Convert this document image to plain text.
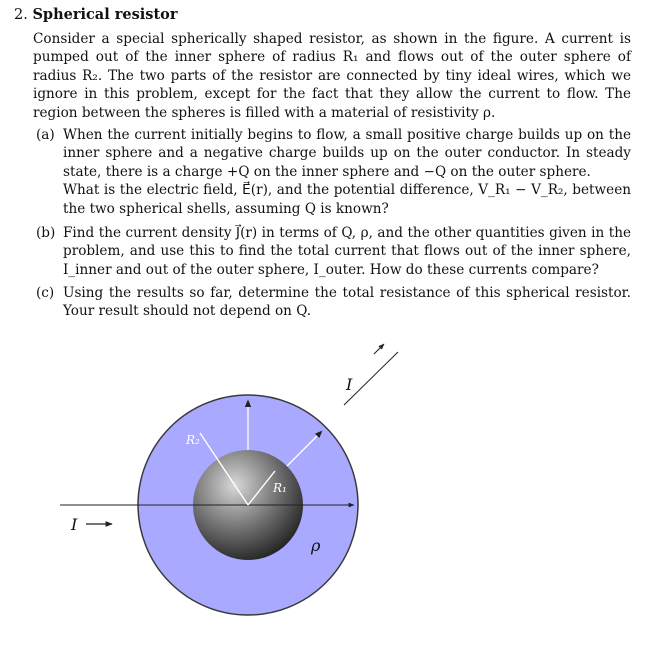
2. Spherical resistor
Consider a special spherically shaped resistor, as shown in the figure. A current is pumped out of the inner sphere of radius R₁ and flows out of the outer sphere of radius R₂. The two parts of the resistor are connected by tiny ideal wires, which we ignore in this problem, except for the fact that they allow the current to flow. The region between the spheres is filled with a material of resistivity ρ.
(a) When the current initially begins to flow, a small positive charge builds up on the inner sphere and a negative charge builds up on the outer conductor. In steady state, there is a charge +Q on the inner sphere and −Q on the outer sphere.
What is the electric field, E⃗(r), and the potential difference, V_R₁ − V_R₂, between the two spherical shells, assuming Q is known?
(b) Find the current density J⃗(r) in terms of Q, ρ, and the other quantities given in the problem, and use this to find the total current that flows out of the inner sphere, I_inner and out of the outer sphere, I_outer. How do these currents compare?
(c) Using the results so far, determine the total resistance of this spherical resistor. Your result should not depend on Q.
R₂
R₁
ρ
I
I
